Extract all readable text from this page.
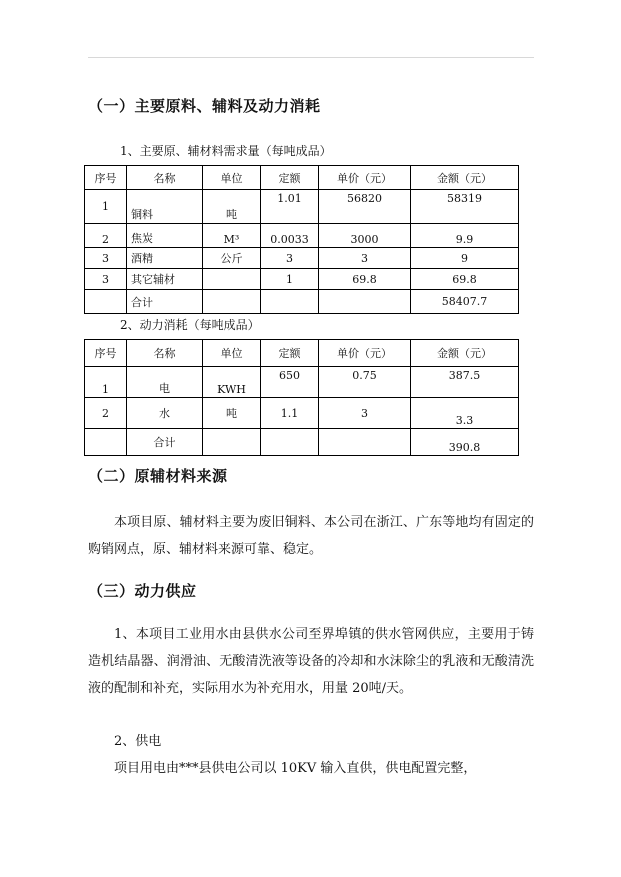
（一）主要原料、辅料及动力消耗

1、主要原、辅材料需求量（每吨成品）

序号	名称	单位	定额	单价（元）	金额（元）
1	铜料	吨	1.01	56820	58319
2	焦炭	M³	0.0033	3000	9.9
3	酒精	公斤	3	3	9
3	其它辅材		1	69.8	69.8
	合计				58407.7

2、动力消耗（每吨成品）

序号	名称	单位	定额	单价（元）	金额（元）
1	电	KWH	650	0.75	387.5
2	水	吨	1.1	3	3.3
	合计				390.8
（二）原辅材料来源

本项目原、辅材料主要为废旧铜料、本公司在浙江、广东等地均有固定的购销网点，原、辅材料来源可靠、稳定。

（三）动力供应

1、本项目工业用水由县供水公司至界埠镇的供水管网供应，主要用于铸造机结晶器、润滑油、无酸清洗液等设备的冷却和水沫除尘的乳液和无酸清洗液的配制和补充，实际用水为补充用水，用量 20吨/天。

2、供电

项目用电由***县供电公司以 10KV 输入直供，供电配置完整，
